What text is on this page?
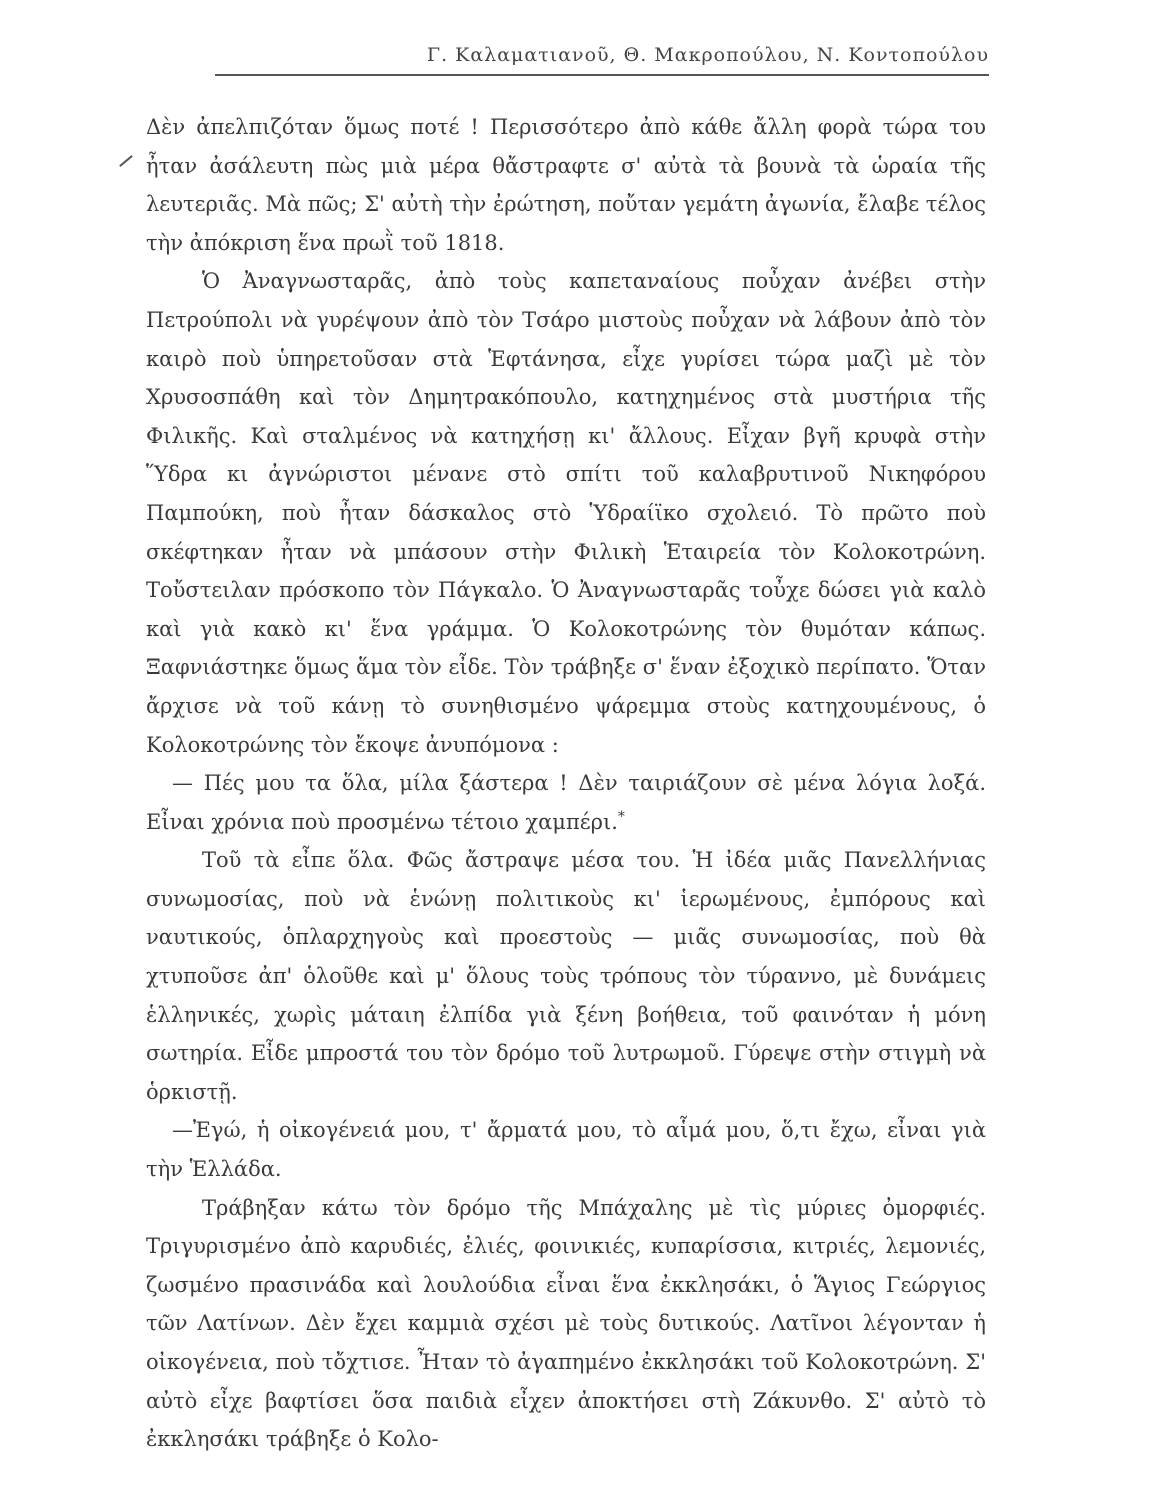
Γ. Καλαματιανοῦ, Θ. Μακροπούλου, Ν. Κοντοπούλου

Δὲν ἀπελπιζόταν ὅμως ποτέ ! Περισσότερο ἀπὸ κάθε ἄλλη φορὰ τώρα του ἦταν ἀσάλευτη πὼς μιὰ μέρα θἄστραφτε σ' αὐτὰ τὰ βουνὰ τὰ ὡραία τῆς λευτεριᾶς. Μὰ πῶς; Σ' αὐτὴ τὴν ἐρώτηση, ποὔταν γεμάτη ἀγωνία, ἔλαβε τέλος τὴν ἀπόκριση ἕνα πρωῒ τοῦ 1818.

Ὁ Ἀναγνωσταρᾶς, ἀπὸ τοὺς καπεταναίους ποὖχαν ἀνέβει στὴν Πετρούπολι νὰ γυρέψουν ἀπὸ τὸν Τσάρο μιστοὺς ποὖχαν νὰ λάβουν ἀπὸ τὸν καιρὸ ποὺ ὑπηρετοῦσαν στὰ Ἑφτάνησα, εἶχε γυρίσει τώρα μαζὶ μὲ τὸν Χρυσοσπάθη καὶ τὸν Δημητρακόπουλο, κατηχημένος στὰ μυστήρια τῆς Φιλικῆς. Καὶ σταλμένος νὰ κατηχήσῃ κι' ἄλλους. Εἶχαν βγῆ κρυφὰ στὴν Ὕδρα κι ἀγνώριστοι μένανε στὸ σπίτι τοῦ καλαβρυτινοῦ Νικηφόρου Παμπούκη, ποὺ ἦταν δάσκαλος στὸ Ὑδραίϊκο σχολειό. Τὸ πρῶτο ποὺ σκέφτηκαν ἦταν νὰ μπάσουν στὴν Φιλικὴ Ἑταιρεία τὸν Κολοκοτρώνη. Τοὔστειλαν πρόσκοπο τὸν Πάγκαλο. Ὁ Ἀναγνωσταρᾶς τοὖχε δώσει γιὰ καλὸ καὶ γιὰ κακὸ κι' ἕνα γράμμα. Ὁ Κολοκοτρώνης τὸν θυμόταν κάπως. Ξαφνιάστηκε ὅμως ἅμα τὸν εἶδε. Τὸν τράβηξε σ' ἕναν ἐξοχικὸ περίπατο. Ὅταν ἄρχισε νὰ τοῦ κάνῃ τὸ συνηθισμένο ψάρεμμα στοὺς κατηχουμένους, ὁ Κολοκοτρώνης τὸν ἔκοψε ἀνυπόμονα :

— Πές μου τα ὅλα, μίλα ξάστερα ! Δὲν ταιριάζουν σὲ μένα λόγια λοξά. Εἶναι χρόνια ποὺ προσμένω τέτοιο χαμπέρι.*

Τοῦ τὰ εἶπε ὅλα. Φῶς ἄστραψε μέσα του. Ἡ ἰδέα μιᾶς Πανελλήνιας συνωμοσίας, ποὺ νὰ ἑνώνῃ πολιτικοὺς κι' ἱερωμένους, ἐμπόρους καὶ ναυτικούς, ὁπλαρχηγοὺς καὶ προεστοὺς — μιᾶς συνωμοσίας, ποὺ θὰ χτυποῦσε ἀπ' ὁλοῦθε καὶ μ' ὅλους τοὺς τρόπους τὸν τύραννο, μὲ δυνάμεις ἑλληνικές, χωρὶς μάταιη ἐλπίδα γιὰ ξένη βοήθεια, τοῦ φαινόταν ἡ μόνη σωτηρία. Εἶδε μπροστά του τὸν δρόμο τοῦ λυτρωμοῦ. Γύρεψε στὴν στιγμὴ νὰ ὁρκιστῇ.

—Ἐγώ, ἡ οἰκογένειά μου, τ' ἄρματά μου, τὸ αἷμά μου, ὅ,τι ἔχω, εἶναι γιὰ τὴν Ἑλλάδα.

Τράβηξαν κάτω τὸν δρόμο τῆς Μπάχαλης μὲ τὶς μύριες ὀμορφιές. Τριγυρισμένο ἀπὸ καρυδιές, ἐλιές, φοινικιές, κυπαρίσσια, κιτριές, λεμονιές, ζωσμένο πρασινάδα καὶ λουλούδια εἶναι ἕνα ἐκκλησάκι, ὁ Ἅγιος Γεώργιος τῶν Λατίνων. Δὲν ἔχει καμμιὰ σχέσι μὲ τοὺς δυτικούς. Λατῖνοι λέγονταν ἡ οἰκογένεια, ποὺ τὄχτισε. Ἦταν τὸ ἀγαπημένο ἐκκλησάκι τοῦ Κολοκοτρώνη. Σ' αὐτὸ εἶχε βαφτίσει ὅσα παιδιὰ εἶχεν ἀποκτήσει στὴ Ζάκυνθο. Σ' αὐτὸ τὸ ἐκκλησάκι τράβηξε ὁ Κολο-
